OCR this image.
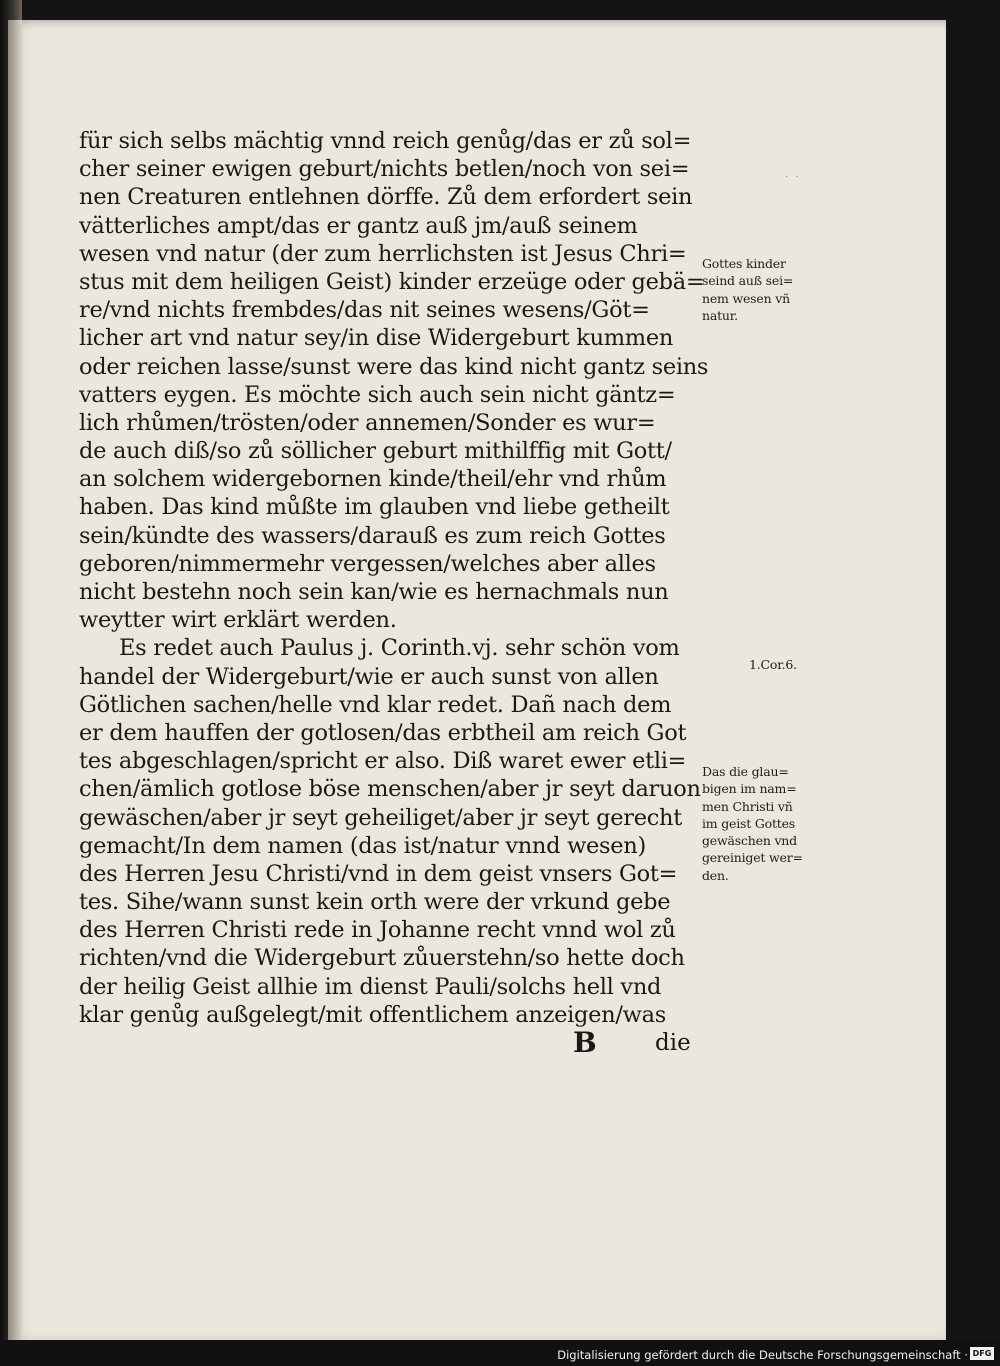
· ·
für sich selbs mächtig vnnd reich genůg/das er zů sol=
cher seiner ewigen geburt/nichts betlen/noch von sei=
nen Creaturen entlehnen dörffe. Zů dem erfordert sein
vätterliches ampt/das er gantz auß jm/auß seinem
wesen vnd natur (der zum herrlichsten ist Jesus Chri=
stus mit dem heiligen Geist) kinder erzeüge oder gebä=
re/vnd nichts frembdes/das nit seines wesens/Göt=
licher art vnd natur sey/in dise Widergeburt kummen
oder reichen lasse/sunst were das kind nicht gantz seins
vatters eygen. Es möchte sich auch sein nicht gäntz=
lich rhůmen/trösten/oder annemen/Sonder es wur=
de auch diß/so zů söllicher geburt mithilffig mit Gott/
an solchem widergebornen kinde/theil/ehr vnd rhům
haben. Das kind můßte im glauben vnd liebe getheilt
sein/kündte des wassers/darauß es zum reich Gottes
geboren/nimmermehr vergessen/welches aber alles
nicht bestehn noch sein kan/wie es hernachmals nun
weytter wirt erklärt werden.
Es redet auch Paulus j. Corinth.vj. sehr schön vom
handel der Widergeburt/wie er auch sunst von allen
Götlichen sachen/helle vnd klar redet. Dañ nach dem
er dem hauffen der gotlosen/das erbtheil am reich Got
tes abgeschlagen/spricht er also. Diß waret ewer etli=
chen/ämlich gotlose böse menschen/aber jr seyt daruon
gewäschen/aber jr seyt geheiliget/aber jr seyt gerecht
gemacht/In dem namen (das ist/natur vnnd wesen)
des Herren Jesu Christi/vnd in dem geist vnsers Got=
tes. Sihe/wann sunst kein orth were der vrkund gebe
des Herren Christi rede in Johanne recht vnnd wol zů
richten/vnd die Widergeburt zůuerstehn/so hette doch
der heilig Geist allhie im dienst Pauli/solchs hell vnd
klar genůg außgelegt/mit offentlichem anzeigen/was
Gottes kinder
seind auß sei=
nem wesen vñ
natur.
1.Cor.6.
Das die glau=
bigen im nam=
men Christi vñ
im geist Gottes
gewäschen vnd
gereiniget wer=
den.
B	die
Digitalisierung gefördert durch die Deutsche Forschungsgemeinschaft · DFG
